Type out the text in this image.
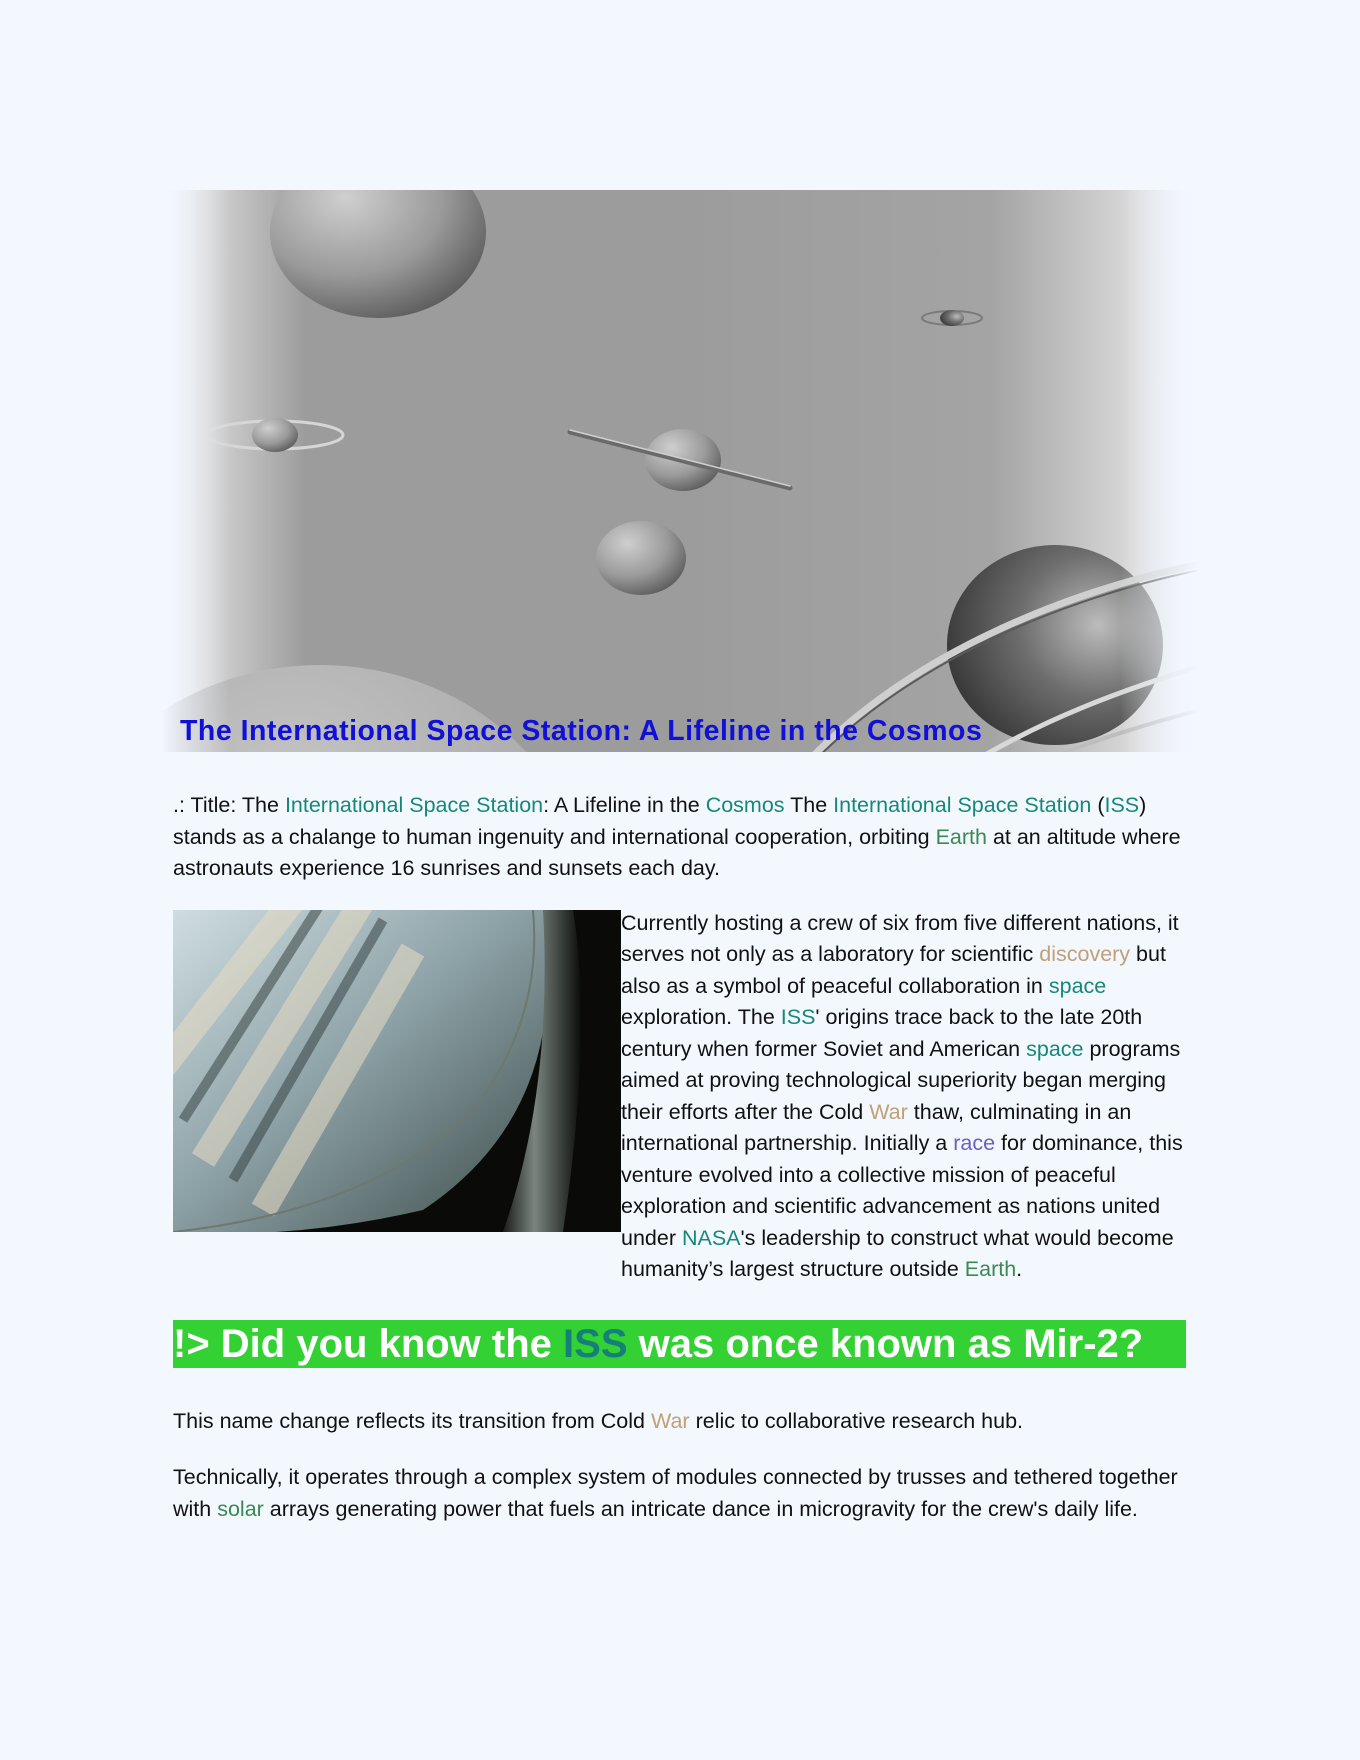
The International Space Station: A Lifeline in the Cosmos

.: Title: The International Space Station: A Lifeline in the Cosmos The International Space Station (ISS) stands as a chalange to human ingenuity and international cooperation, orbiting Earth at an altitude where astronauts experience 16 sunrises and sunsets each day.

Currently hosting a crew of six from five different nations, it serves not only as a laboratory for scientific discovery but also as a symbol of peaceful collaboration in space exploration. The ISS' origins trace back to the late 20th century when former Soviet and American space programs aimed at proving technological superiority began merging their efforts after the Cold War thaw, culminating in an international partnership. Initially a race for dominance, this venture evolved into a collective mission of peaceful exploration and scientific advancement as nations united under NASA's leadership to construct what would become humanity’s largest structure outside Earth.
!> Did you know the ISS was once known as Mir-2?

This name change reflects its transition from Cold War relic to collaborative research hub.

Technically, it operates through a complex system of modules connected by trusses and tethered together with solar arrays generating power that fuels an intricate dance in microgravity for the crew's daily life.
